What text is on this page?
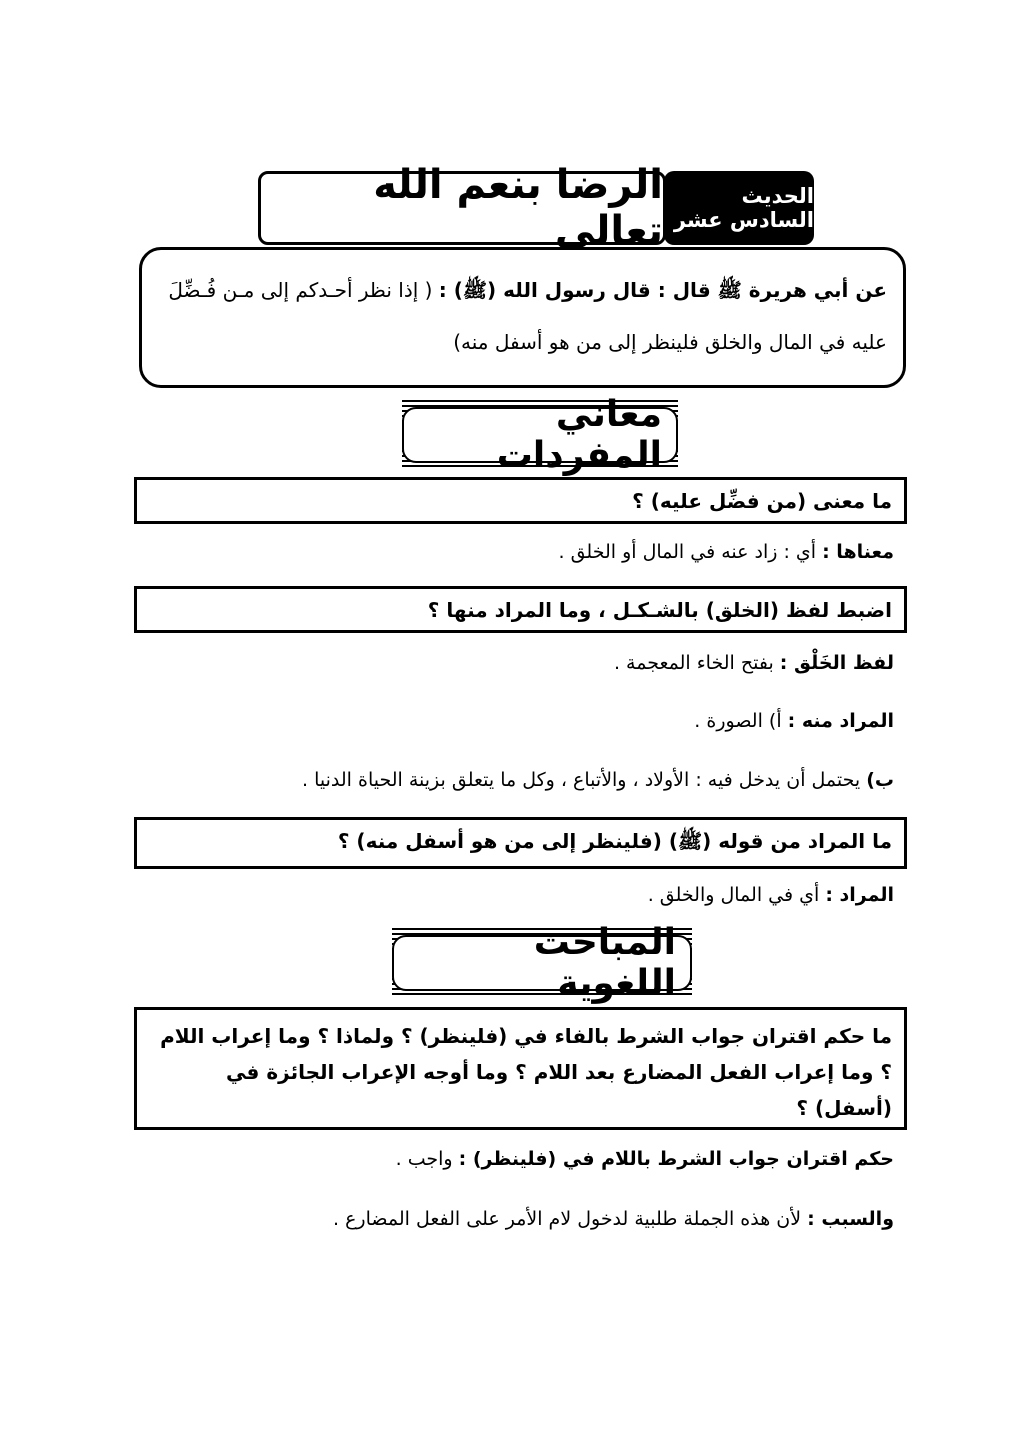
الرضا بنعم الله تعالى
الحديث السادس عشر
عن أبي هريرة ﷺ قال : قال رسول الله (ﷺ) : ( إذا نظر أحـدكم إلى مـن فُـضِّلَ
عليه في المال والخلق فلينظر إلى من هو أسفل منه)
معاني المفردات
ما معنى (من فضِّل عليه) ؟
معناها : أي : زاد عنه في المال أو الخلق .
اضبط لفظ (الخلق) بالشـكـل ، وما المراد منها ؟
لفظ الخَلْق : بفتح الخاء المعجمة .
المراد منه : أ) الصورة .
ب) يحتمل أن يدخل فيه : الأولاد ، والأتباع ، وكل ما يتعلق بزينة الحياة الدنيا .
ما المراد من قوله (ﷺ) (فلينظر إلى من هو أسفل منه) ؟
المراد : أي في المال والخلق .
المباحث اللغوية
ما حكم اقتران جواب الشرط بالفاء في (فلينظر) ؟ ولماذا ؟ وما إعراب اللام
؟ وما إعراب الفعل المضارع بعد اللام ؟ وما أوجه الإعراب الجائزة في
(أسفل) ؟
حكم اقتران جواب الشرط باللام في (فلينظر) : واجب .
والسبب : لأن هذه الجملة طلبية لدخول لام الأمر على الفعل المضارع .
